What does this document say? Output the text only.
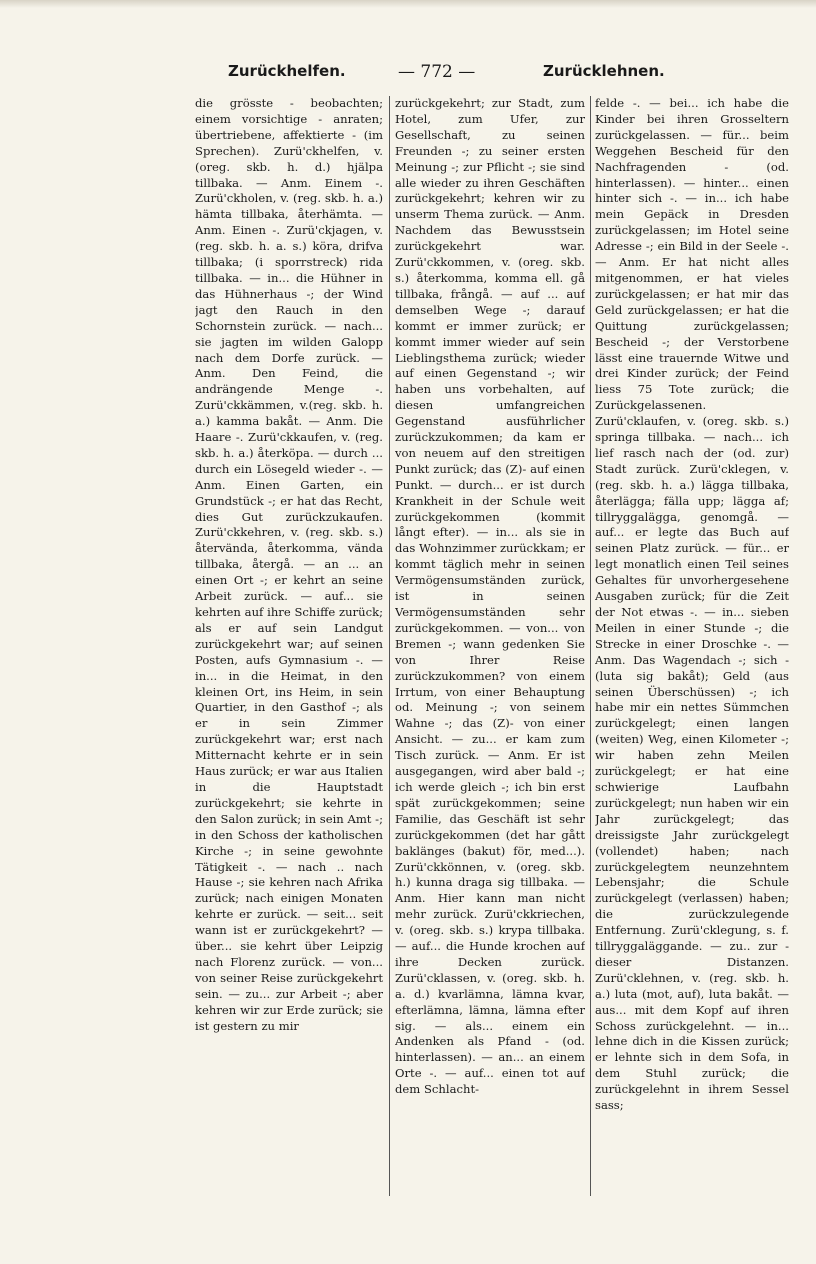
Zurückhelfen.	— 772 —	Zurücklehnen.

die grösste - beobachten; einem vorsichtige - anraten; übertriebene, affektierte - (im Sprechen). Zurü'ckhelfen, v. (oreg. skb. h. d.) hjälpa tillbaka. — Anm. Einem -. Zurü'ckholen, v. (reg. skb. h. a.) hämta tillbaka, återhämta. — Anm. Einen -. Zurü'ckjagen, v. (reg. skb. h. a. s.) köra, drifva tillbaka; (i sporrstreck) rida tillbaka. — in... die Hühner in das Hühnerhaus -; der Wind jagt den Rauch in den Schornstein zurück. — nach... sie jagten im wilden Galopp nach dem Dorfe zurück. — Anm. Den Feind, die andrängende Menge -. Zurü'ckkämmen, v.(reg. skb. h. a.) kamma bakåt. — Anm. Die Haare -. Zurü'ckkaufen, v. (reg. skb. h. a.) återköpa. — durch ... durch ein Lösegeld wieder -. — Anm. Einen Garten, ein Grundstück -; er hat das Recht, dies Gut zurückzukaufen. Zurü'ckkehren, v. (reg. skb. s.) återvända, återkomma, vända tillbaka, återgå. — an ... an einen Ort -; er kehrt an seine Arbeit zurück. — auf... sie kehrten auf ihre Schiffe zurück; als er auf sein Landgut zurückgekehrt war; auf seinen Posten, aufs Gymnasium -. — in... in die Heimat, in den kleinen Ort, ins Heim, in sein Quartier, in den Gasthof -; als er in sein Zimmer zurückgekehrt war; erst nach Mitternacht kehrte er in sein Haus zurück; er war aus Italien in die Hauptstadt zurückgekehrt; sie kehrte in den Salon zurück; in sein Amt -; in den Schoss der katholischen Kirche -; in seine gewohnte Tätigkeit -. — nach .. nach Hause -; sie kehren nach Afrika zurück; nach einigen Monaten kehrte er zurück. — seit... seit wann ist er zurückgekehrt? — über... sie kehrt über Leipzig nach Florenz zurück. — von... von seiner Reise zurückgekehrt sein. — zu... zur Arbeit -; aber kehren wir zur Erde zurück; sie ist gestern zu mir

zurückgekehrt; zur Stadt, zum Hotel, zum Ufer, zur Gesellschaft, zu seinen Freunden -; zu seiner ersten Meinung -; zur Pflicht -; sie sind alle wieder zu ihren Geschäften zurückgekehrt; kehren wir zu unserm Thema zurück. — Anm. Nachdem das Bewusstsein zurückgekehrt war. Zurü'ckkommen, v. (oreg. skb. s.) återkomma, komma ell. gå tillbaka, frångå. — auf ... auf demselben Wege -; darauf kommt er immer zurück; er kommt immer wieder auf sein Lieblingsthema zurück; wieder auf einen Gegenstand -; wir haben uns vorbehalten, auf diesen umfangreichen Gegenstand ausführlicher zurückzukommen; da kam er von neuem auf den streitigen Punkt zurück; das (Z)- auf einen Punkt. — durch... er ist durch Krankheit in der Schule weit zurückgekommen (kommit långt efter). — in... als sie in das Wohnzimmer zurückkam; er kommt täglich mehr in seinen Vermögensumständen zurück, ist in seinen Vermögensumständen sehr zurückgekommen. — von... von Bremen -; wann gedenken Sie von Ihrer Reise zurückzukommen? von einem Irrtum, von einer Behauptung od. Meinung -; von seinem Wahne -; das (Z)- von einer Ansicht. — zu... er kam zum Tisch zurück. — Anm. Er ist ausgegangen, wird aber bald -; ich werde gleich -; ich bin erst spät zurückgekommen; seine Familie, das Geschäft ist sehr zurückgekommen (det har gått baklänges (bakut) för, med...). Zurü'ckkönnen, v. (oreg. skb. h.) kunna draga sig tillbaka. — Anm. Hier kann man nicht mehr zurück. Zurü'ckkriechen, v. (oreg. skb. s.) krypa tillbaka. — auf... die Hunde krochen auf ihre Decken zurück. Zurü'cklassen, v. (oreg. skb. h. a. d.) kvarlämna, lämna kvar, efterlämna, lämna, lämna efter sig. — als... einem ein Andenken als Pfand - (od. hinterlassen). — an... an einem Orte -. — auf... einen tot auf dem Schlacht-

felde -. — bei... ich habe die Kinder bei ihren Grosseltern zurückgelassen. — für... beim Weggehen Bescheid für den Nachfragenden - (od. hinterlassen). — hinter... einen hinter sich -. — in... ich habe mein Gepäck in Dresden zurückgelassen; im Hotel seine Adresse -; ein Bild in der Seele -. — Anm. Er hat nicht alles mitgenommen, er hat vieles zurückgelassen; er hat mir das Geld zurückgelassen; er hat die Quittung zurückgelassen; Bescheid -; der Verstorbene lässt eine trauernde Witwe und drei Kinder zurück; der Feind liess 75 Tote zurück; die Zurückgelassenen. Zurü'cklaufen, v. (oreg. skb. s.) springa tillbaka. — nach... ich lief rasch nach der (od. zur) Stadt zurück. Zurü'cklegen, v. (reg. skb. h. a.) lägga tillbaka, återlägga; fälla upp; lägga af; tillryggalägga, genomgå. — auf... er legte das Buch auf seinen Platz zurück. — für... er legt monatlich einen Teil seines Gehaltes für unvorhergesehene Ausgaben zurück; für die Zeit der Not etwas -. — in... sieben Meilen in einer Stunde -; die Strecke in einer Droschke -. — Anm. Das Wagendach -; sich - (luta sig bakåt); Geld (aus seinen Überschüssen) -; ich habe mir ein nettes Sümmchen zurückgelegt; einen langen (weiten) Weg, einen Kilometer -; wir haben zehn Meilen zurückgelegt; er hat eine schwierige Laufbahn zurückgelegt; nun haben wir ein Jahr zurückgelegt; das dreissigste Jahr zurückgelegt (vollendet) haben; nach zurückgelegtem neunzehntem Lebensjahr; die Schule zurückgelegt (verlassen) haben; die zurückzulegende Entfernung. Zurü'cklegung, s. f. tillryggaläggande. — zu.. zur - dieser Distanzen. Zurü'cklehnen, v. (reg. skb. h. a.) luta (mot, auf), luta bakåt. — aus... mit dem Kopf auf ihren Schoss zurückgelehnt. — in... lehne dich in die Kissen zurück; er lehnte sich in dem Sofa, in dem Stuhl zurück; die zurückgelehnt in ihrem Sessel sass;
